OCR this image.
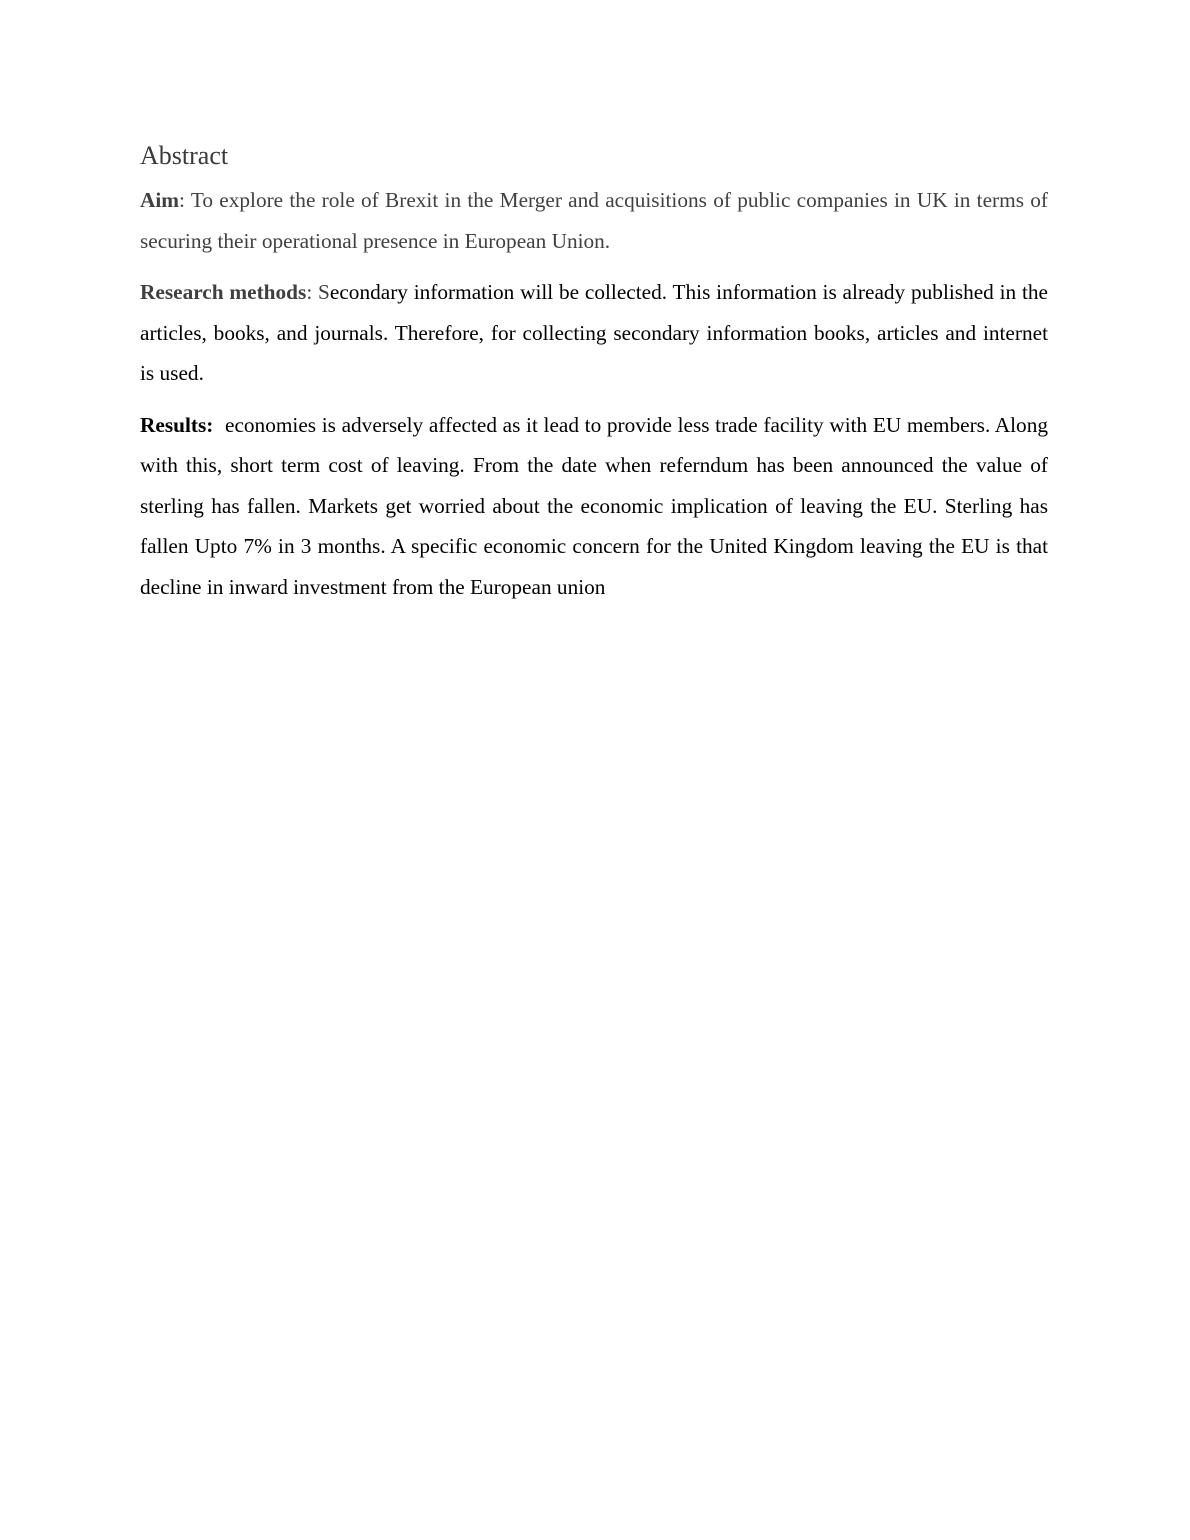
Abstract

Aim: To explore the role of Brexit in the Merger and acquisitions of public companies in UK in terms of securing their operational presence in European Union.

Research methods: Secondary information will be collected. This information is already published in the articles, books, and journals. Therefore, for collecting secondary information books, articles and internet is used.

Results: economies is adversely affected as it lead to provide less trade facility with EU members. Along with this, short term cost of leaving. From the date when referndum has been announced the value of sterling has fallen. Markets get worried about the economic implication of leaving the EU. Sterling has fallen Upto 7% in 3 months. A specific economic concern for the United Kingdom leaving the EU is that decline in inward investment from the European union
